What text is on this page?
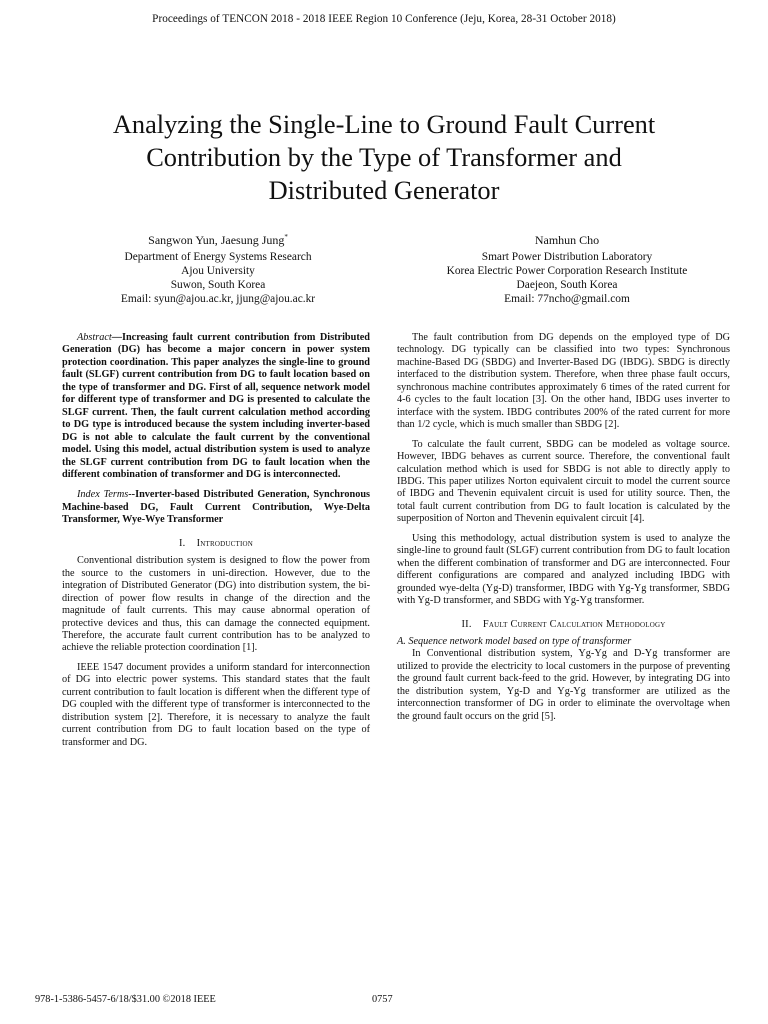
Proceedings of TENCON 2018 - 2018 IEEE Region 10 Conference (Jeju, Korea, 28-31 October 2018)
Analyzing the Single-Line to Ground Fault Current
Contribution by the Type of Transformer and
Distributed Generator
Sangwon Yun, Jaesung Jung*
Department of Energy Systems Research
Ajou University
Suwon, South Korea
Email: syun@ajou.ac.kr, jjung@ajou.ac.kr
Namhun Cho
Smart Power Distribution Laboratory
Korea Electric Power Corporation Research Institute
Daejeon, South Korea
Email: 77ncho@gmail.com

Abstract—Increasing fault current contribution from Distributed Generation (DG) has become a major concern in power system protection coordination. This paper analyzes the single-line to ground fault (SLGF) current contribution from DG to fault location based on the type of transformer and DG. First of all, sequence network model for different type of transformer and DG is presented to calculate the SLGF current. Then, the fault current calculation method according to DG type is introduced because the system including inverter-based DG is not able to calculate the fault current by the conventional model. Using this model, actual distribution system is used to analyze the SLGF current contribution from DG to fault location when the different combination of transformer and DG is interconnected.

Index Terms--Inverter-based Distributed Generation, Synchronous Machine-based DG, Fault Current Contribution, Wye-Delta Transformer, Wye-Wye Transformer

I. Introduction

Conventional distribution system is designed to flow the power from the source to the customers in uni-direction. However, due to the integration of Distributed Generator (DG) into distribution system, the bi-direction of power flow results in change of the direction and the magnitude of fault currents. This may cause abnormal operation of protective devices and thus, this can damage the connected equipment. Therefore, the accurate fault current contribution has to be analyzed to achieve the reliable protection coordination [1].

IEEE 1547 document provides a uniform standard for interconnection of DG into electric power systems. This standard states that the fault current contribution to fault location is different when the different type of DG coupled with the different type of transformer is interconnected to the distribution system [2]. Therefore, it is necessary to analyze the fault current contribution from DG to fault location based on the type of transformer and DG.

The fault contribution from DG depends on the employed type of DG technology. DG typically can be classified into two types: Synchronous machine-Based DG (SBDG) and Inverter-Based DG (IBDG). SBDG is directly interfaced to the distribution system. Therefore, when three phase fault occurs, synchronous machine contributes approximately 6 times of the rated current for 4-6 cycles to the fault location [3]. On the other hand, IBDG uses inverter to interface with the system. IBDG contributes 200% of the rated current for more than 1/2 cycle, which is much smaller than SBDG [2].

To calculate the fault current, SBDG can be modeled as voltage source. However, IBDG behaves as current source. Therefore, the conventional fault calculation method which is used for SBDG is not able to directly apply to IBDG. This paper utilizes Norton equivalent circuit to model the current source of IBDG and Thevenin equivalent circuit is used for utility source. Then, the total fault current contribution from DG to fault location is calculated by the superposition of Norton and Thevenin equivalent circuit [4].

Using this methodology, actual distribution system is used to analyze the single-line to ground fault (SLGF) current contribution from DG to fault location when the different combination of transformer and DG are interconnected. Four different configurations are compared and analyzed including IBDG with grounded wye-delta (Yg-D) transformer, IBDG with Yg-Yg transformer, SBDG with Yg-D transformer, and SBDG with Yg-Yg transformer.

II. Fault Current Calculation Methodology

A. Sequence network model based on type of transformer

In Conventional distribution system, Yg-Yg and D-Yg transformer are utilized to provide the electricity to local customers in the purpose of preventing the ground fault current back-feed to the grid. However, by integrating DG into the distribution system, Yg-D and Yg-Yg transformer are utilized as the interconnection transformer of DG in order to eliminate the overvoltage when the ground fault occurs on the grid [5].

978-1-5386-5457-6/18/$31.00 ©2018 IEEE	0757
